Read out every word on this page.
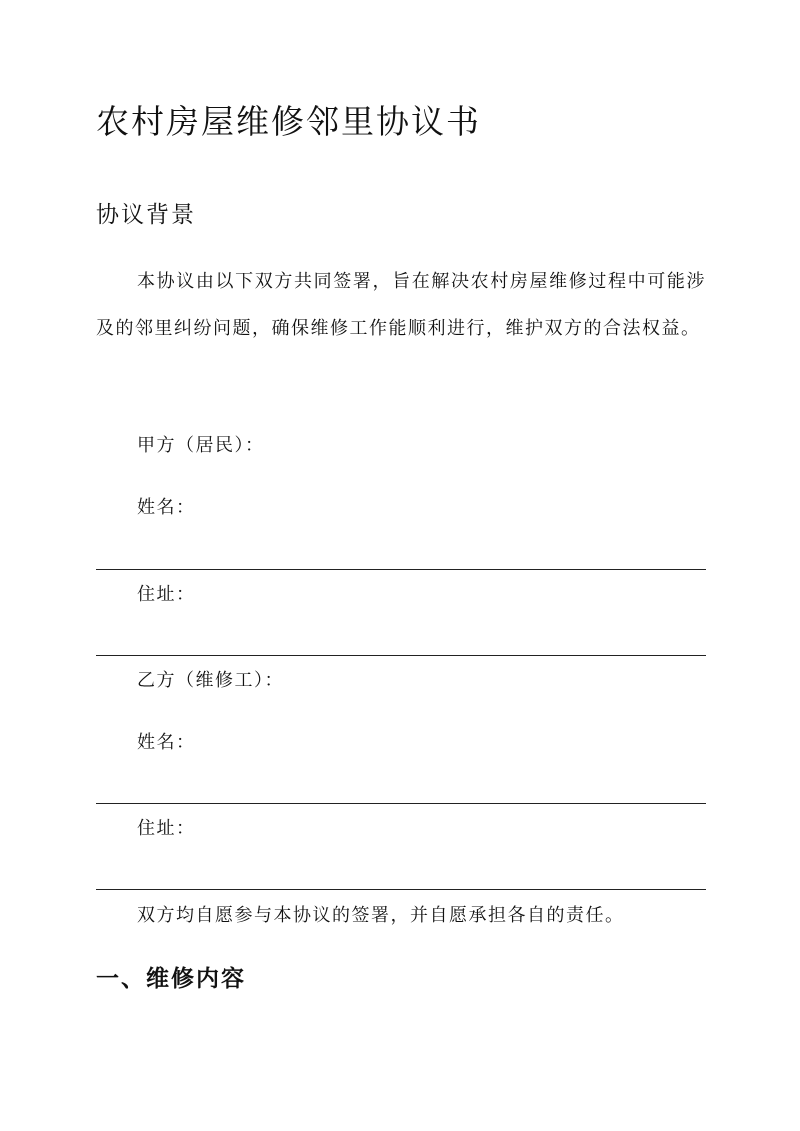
农村房屋维修邻里协议书
协议背景

本协议由以下双方共同签署，旨在解决农村房屋维修过程中可能涉及的邻里纠纷问题，确保维修工作能顺利进行，维护双方的合法权益。

甲方（居民）：
姓名：
住址：
乙方（维修工）：
姓名：
住址：
双方均自愿参与本协议的签署，并自愿承担各自的责任。
一、维修内容
